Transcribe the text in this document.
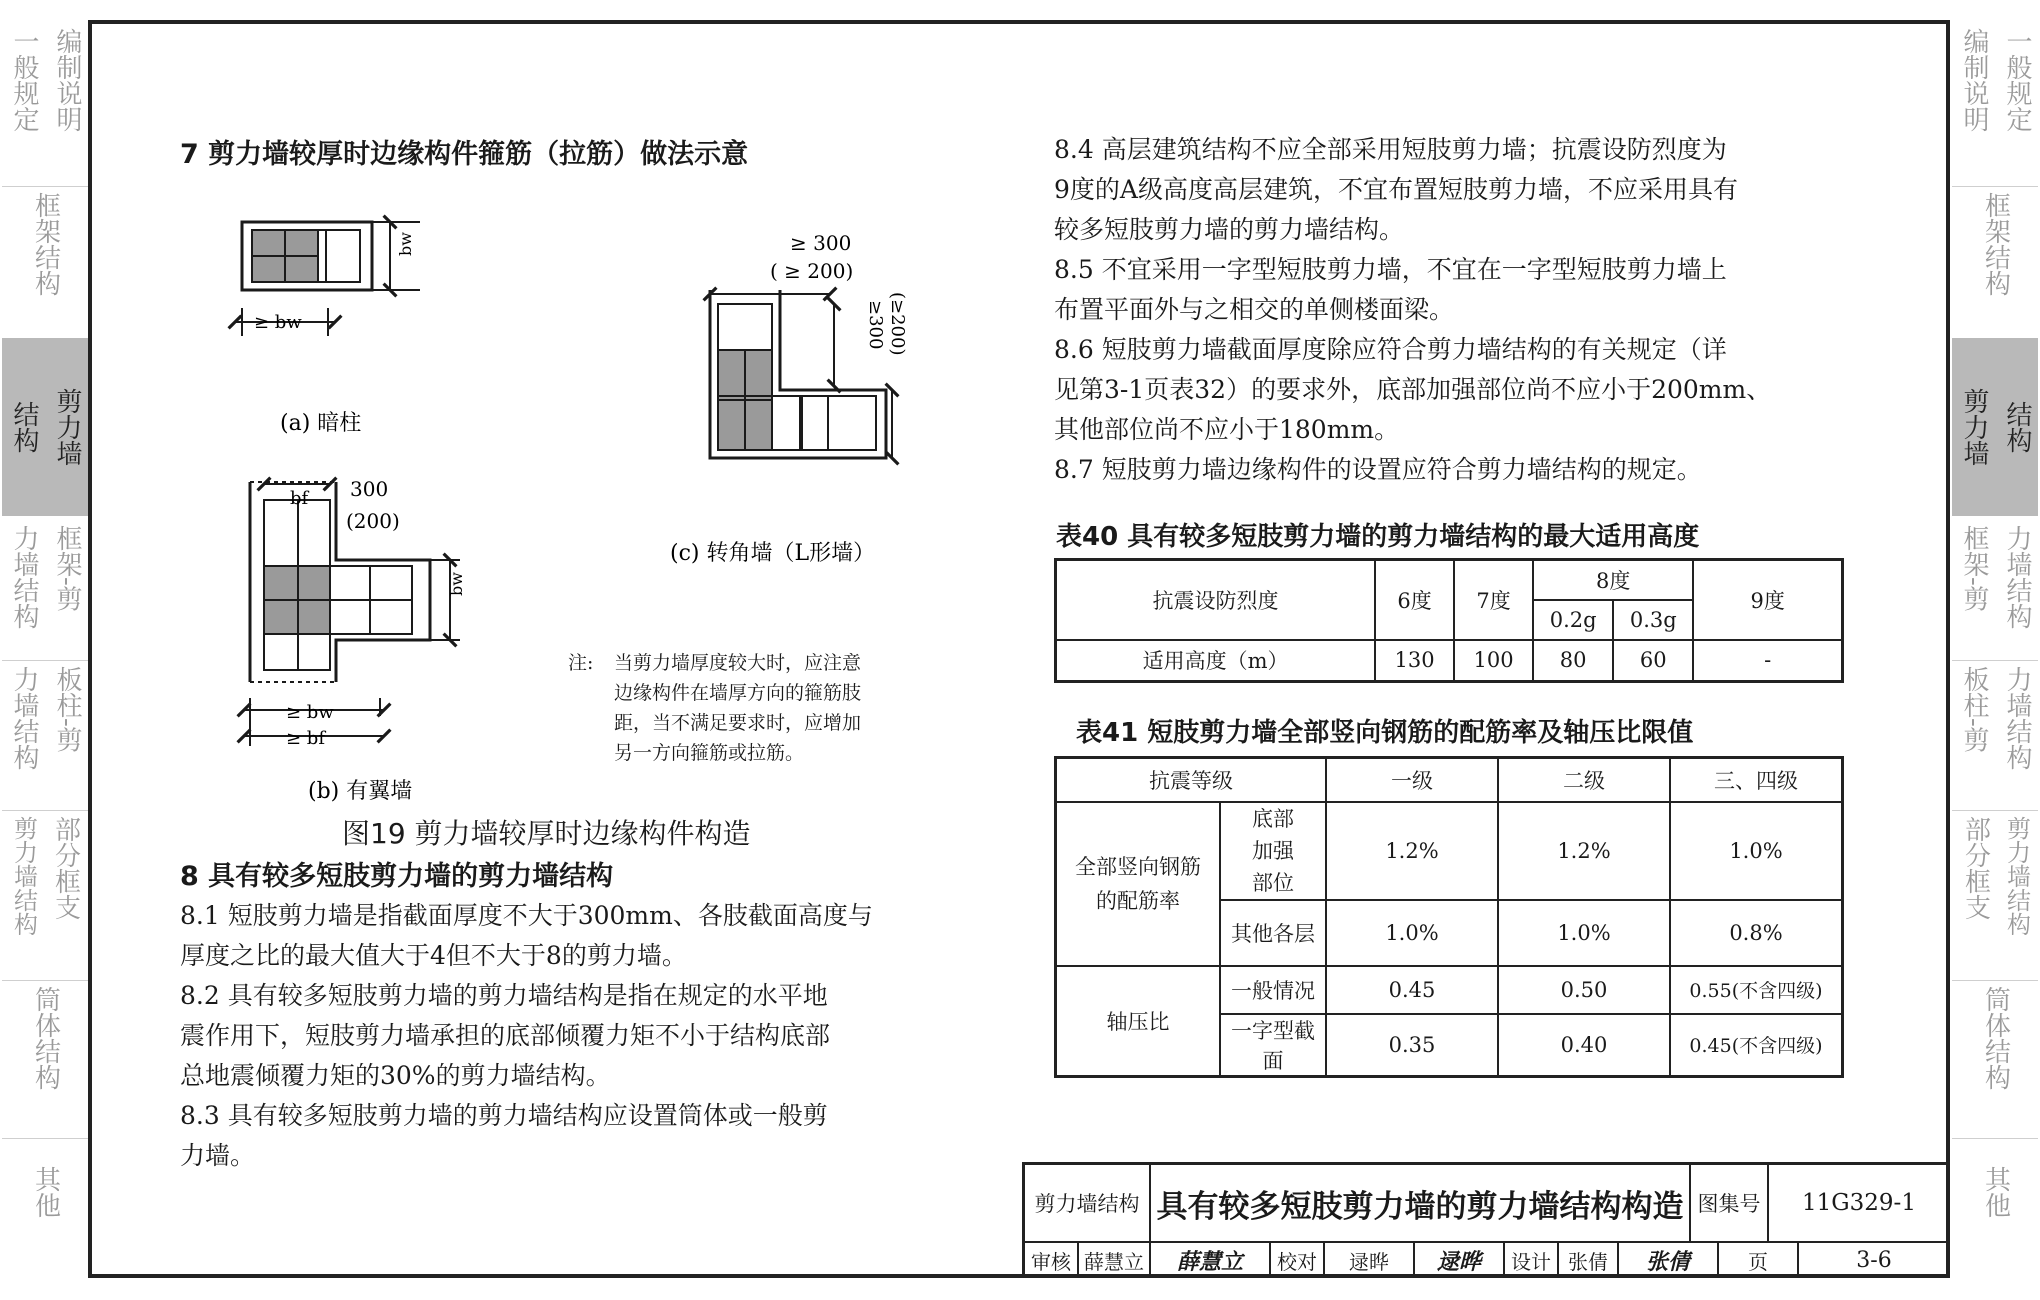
一般规定 编制说明
框架结构
结构 剪力墙
力墙结构 框架-剪
力墙结构 板柱-剪
剪力墙结构 部分框支
筒体结构
其他
编制说明 一般规定
框架结构
剪力墙 结构
框架-剪 力墙结构
板柱-剪 力墙结构
部分框支 剪力墙结构
筒体结构
其他
7 剪力墙较厚时边缘构件箍筋（拉筋）做法示意
bw
≥ bw
(a) 暗柱
≥ 300
( ≥ 200)
≥300 (≥200)
(c) 转角墙（L形墙）
bf 300
(200)
bw
≥ bw
≥ bf
(b) 有翼墙
注: 当剪力墙厚度较大时，应注意
边缘构件在墙厚方向的箍筋肢
距，当不满足要求时，应增加
另一方向箍筋或拉筋。
图19 剪力墙较厚时边缘构件构造
8 具有较多短肢剪力墙的剪力墙结构
8.1 短肢剪力墙是指截面厚度不大于300mm、各肢截面高度与
厚度之比的最大值大于4但不大于8的剪力墙。
8.2 具有较多短肢剪力墙的剪力墙结构是指在规定的水平地
震作用下，短肢剪力墙承担的底部倾覆力矩不小于结构底部
总地震倾覆力矩的30%的剪力墙结构。
8.3 具有较多短肢剪力墙的剪力墙结构应设置筒体或一般剪
力墙。
8.4 高层建筑结构不应全部采用短肢剪力墙；抗震设防烈度为
9度的A级高度高层建筑，不宜布置短肢剪力墙，不应采用具有
较多短肢剪力墙的剪力墙结构。
8.5 不宜采用一字型短肢剪力墙，不宜在一字型短肢剪力墙上
布置平面外与之相交的单侧楼面梁。
8.6 短肢剪力墙截面厚度除应符合剪力墙结构的有关规定（详
见第3-1页表32）的要求外，底部加强部位尚不应小于200mm、
其他部位尚不应小于180mm。
8.7 短肢剪力墙边缘构件的设置应符合剪力墙结构的规定。
表40 具有较多短肢剪力墙的剪力墙结构的最大适用高度
抗震设防烈度	6度	7度	8度		9度
			0.2g	0.3g	
适用高度（m）	130	100	80	60	-
表41 短肢剪力墙全部竖向钢筋的配筋率及轴压比限值
抗震等级		一级	二级	三、四级
全部竖向钢筋的配筋率	底部加强部位	1.2%	1.2%	1.0%
	其他各层	1.0%	1.0%	0.8%
轴压比	一般情况	0.45	0.50	0.55(不含四级)
	一字型截面	0.35	0.40	0.45(不含四级)
剪力墙结构 具有较多短肢剪力墙的剪力墙结构构造 图集号	11G329-1
审核 薛慧立	薛慧立	校对	逯晔	逯晔	设计 张倩	张倩	页	3-6
